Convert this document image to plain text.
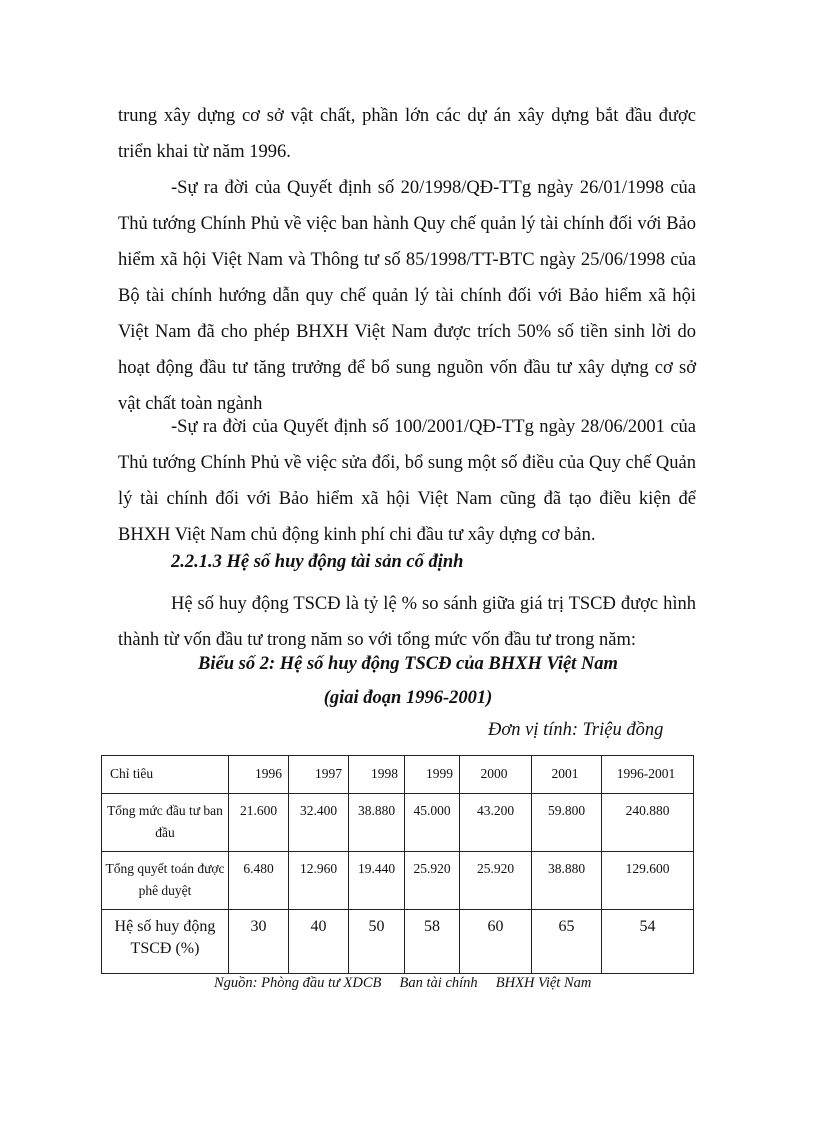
trung xây dựng cơ sở vật chất, phần lớn các dự án xây dựng bắt đầu được triển khai từ năm 1996.

-Sự ra đời của Quyết định số 20/1998/QĐ-TTg ngày 26/01/1998 của Thủ tướng Chính Phủ về việc ban hành Quy chế quản lý tài chính đối với Bảo hiểm xã hội Việt Nam và Thông tư số 85/1998/TT-BTC ngày 25/06/1998 của Bộ tài chính hướng dẫn quy chế quản lý tài chính đối với Bảo hiểm xã hội Việt Nam đã cho phép BHXH Việt Nam được trích 50% số tiền sinh lời do hoạt động đầu tư tăng trưởng để bổ sung nguồn vốn đầu tư xây dựng cơ sở vật chất toàn ngành

-Sự ra đời của Quyết định số 100/2001/QĐ-TTg ngày 28/06/2001 của Thủ tướng Chính Phủ về việc sửa đổi, bổ sung một số điều của Quy chế Quản lý tài chính đối với Bảo hiểm xã hội Việt Nam cũng đã tạo điều kiện để BHXH Việt Nam chủ động kinh phí chi đầu tư xây dựng cơ bản.

2.2.1.3 Hệ số huy động tài sản cố định

Hệ số huy động TSCĐ là tỷ lệ % so sánh giữa giá trị TSCĐ được hình thành từ vốn đầu tư trong năm so với tổng mức vốn đầu tư trong năm:

Biểu số 2: Hệ số huy động TSCĐ của BHXH Việt Nam

(giai đoạn 1996-2001)

Đơn vị tính: Triệu đồng

Chỉ tiêu	1996	1997	1998	1999	2000	2001	1996-2001
Tổng mức đầu tư ban đầu	21.600	32.400	38.880	45.000	43.200	59.800	240.880
Tổng quyết toán được phê duyệt	6.480	12.960	19.440	25.920	25.920	38.880	129.600
Hệ số huy động TSCĐ (%)	30	40	50	58	60	65	54

Nguồn: Phòng đầu tư XDCB     Ban tài chính     BHXH Việt Nam
